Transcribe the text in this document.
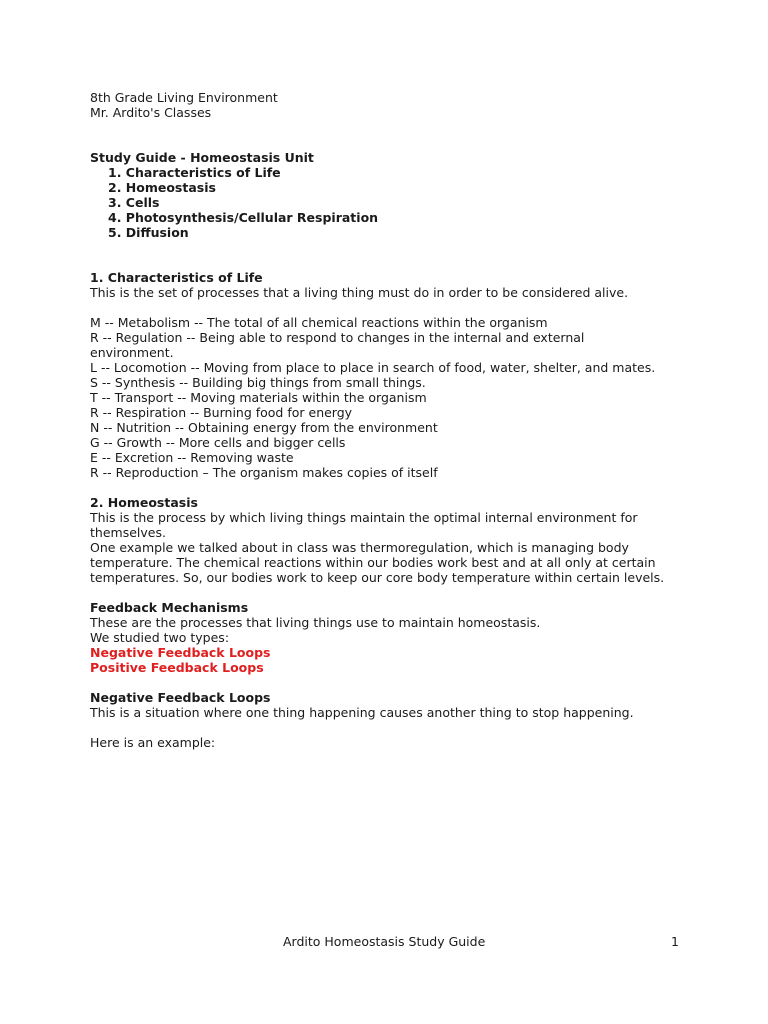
8th Grade Living Environment
Mr. Ardito's Classes
Study Guide - Homeostasis Unit
1. Characteristics of Life
2. Homeostasis
3. Cells
4. Photosynthesis/Cellular Respiration
5. Diffusion
1. Characteristics of Life
This is the set of processes that a living thing must do in order to be considered alive.
M -- Metabolism -- The total of all chemical reactions within the organism
R -- Regulation -- Being able to respond to changes in the internal and external environment.
L -- Locomotion -- Moving from place to place in search of food, water, shelter, and mates.
S -- Synthesis -- Building big things from small things.
T -- Transport -- Moving materials within the organism
R -- Respiration -- Burning food for energy
N -- Nutrition -- Obtaining energy from the environment
G -- Growth -- More cells and bigger cells
E -- Excretion -- Removing waste
R -- Reproduction – The organism makes copies of itself
2. Homeostasis
This is the process by which living things maintain the optimal internal environment for themselves.
One example we talked about in class was thermoregulation, which is managing body temperature. The chemical reactions within our bodies work best and at all only at certain temperatures. So, our bodies work to keep our core body temperature within certain levels.
Feedback Mechanisms
These are the processes that living things use to maintain homeostasis.
We studied two types:
Negative Feedback Loops
Positive Feedback Loops
Negative Feedback Loops
This is a situation where one thing happening causes another thing to stop happening.
Here is an example:
Ardito Homeostasis Study Guide	1
